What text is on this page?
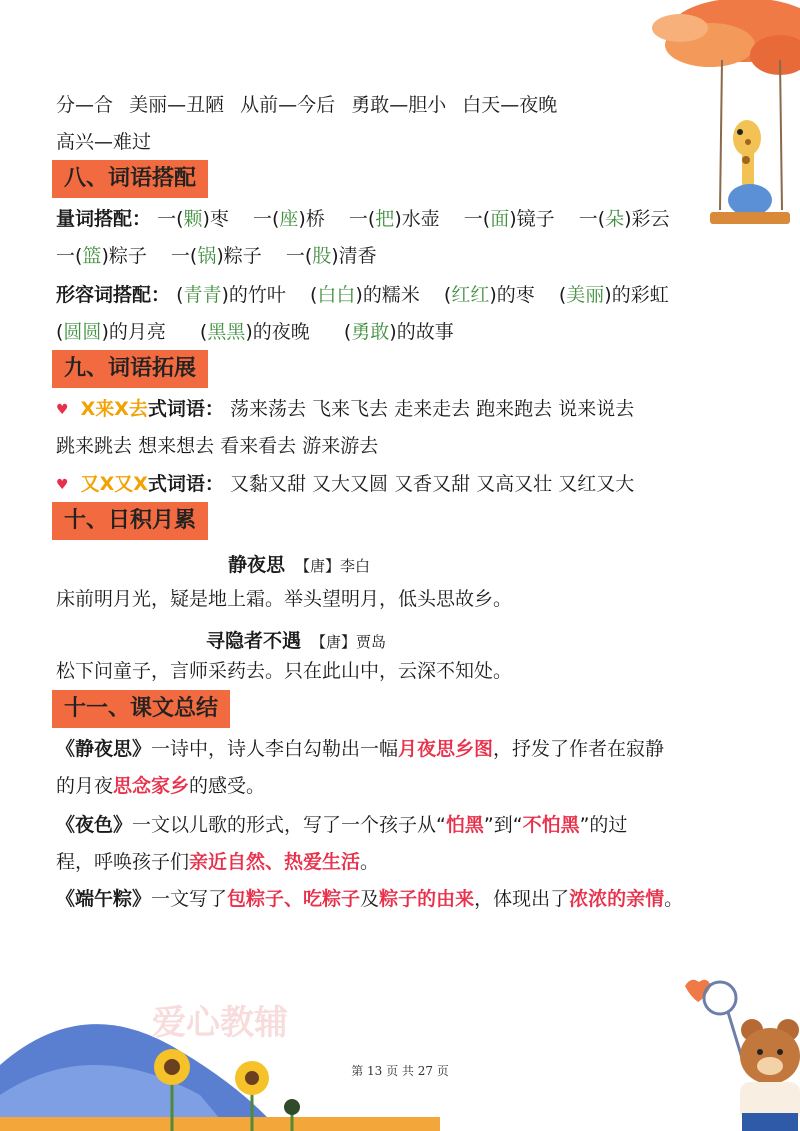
爱心教辅
分—合 美丽—丑陋 从前—今后 勇敢—胆小 白天—夜晚
高兴—难过
八、词语搭配
量词搭配： 一(颗)枣 一(座)桥 一(把)水壶 一(面)镜子 一(朵)彩云
一(篮)粽子 一(锅)粽子 一(股)清香
形容词搭配： (青青)的竹叶 (白白)的糯米 (红红)的枣 (美丽)的彩虹
(圆圆)的月亮 (黑黑)的夜晚 (勇敢)的故事
九、词语拓展
♥ X来X去式词语： 荡来荡去 飞来飞去 走来走去 跑来跑去 说来说去
跳来跳去 想来想去 看来看去 游来游去
♥ 又X又X式词语： 又黏又甜 又大又圆 又香又甜 又高又壮 又红又大
十、日积月累
静夜思 【唐】李白
床前明月光，疑是地上霜。举头望明月，低头思故乡。
寻隐者不遇 【唐】贾岛
松下问童子，言师采药去。只在此山中，云深不知处。
十一、课文总结
《静夜思》一诗中，诗人李白勾勒出一幅月夜思乡图，抒发了作者在寂静
的月夜思念家乡的感受。
《夜色》一文以儿歌的形式，写了一个孩子从“怕黑”到“不怕黑”的过
程，呼唤孩子们亲近自然、热爱生活。
《端午粽》一文写了包粽子、吃粽子及粽子的由来，体现出了浓浓的亲情。
第 13 页 共 27 页
